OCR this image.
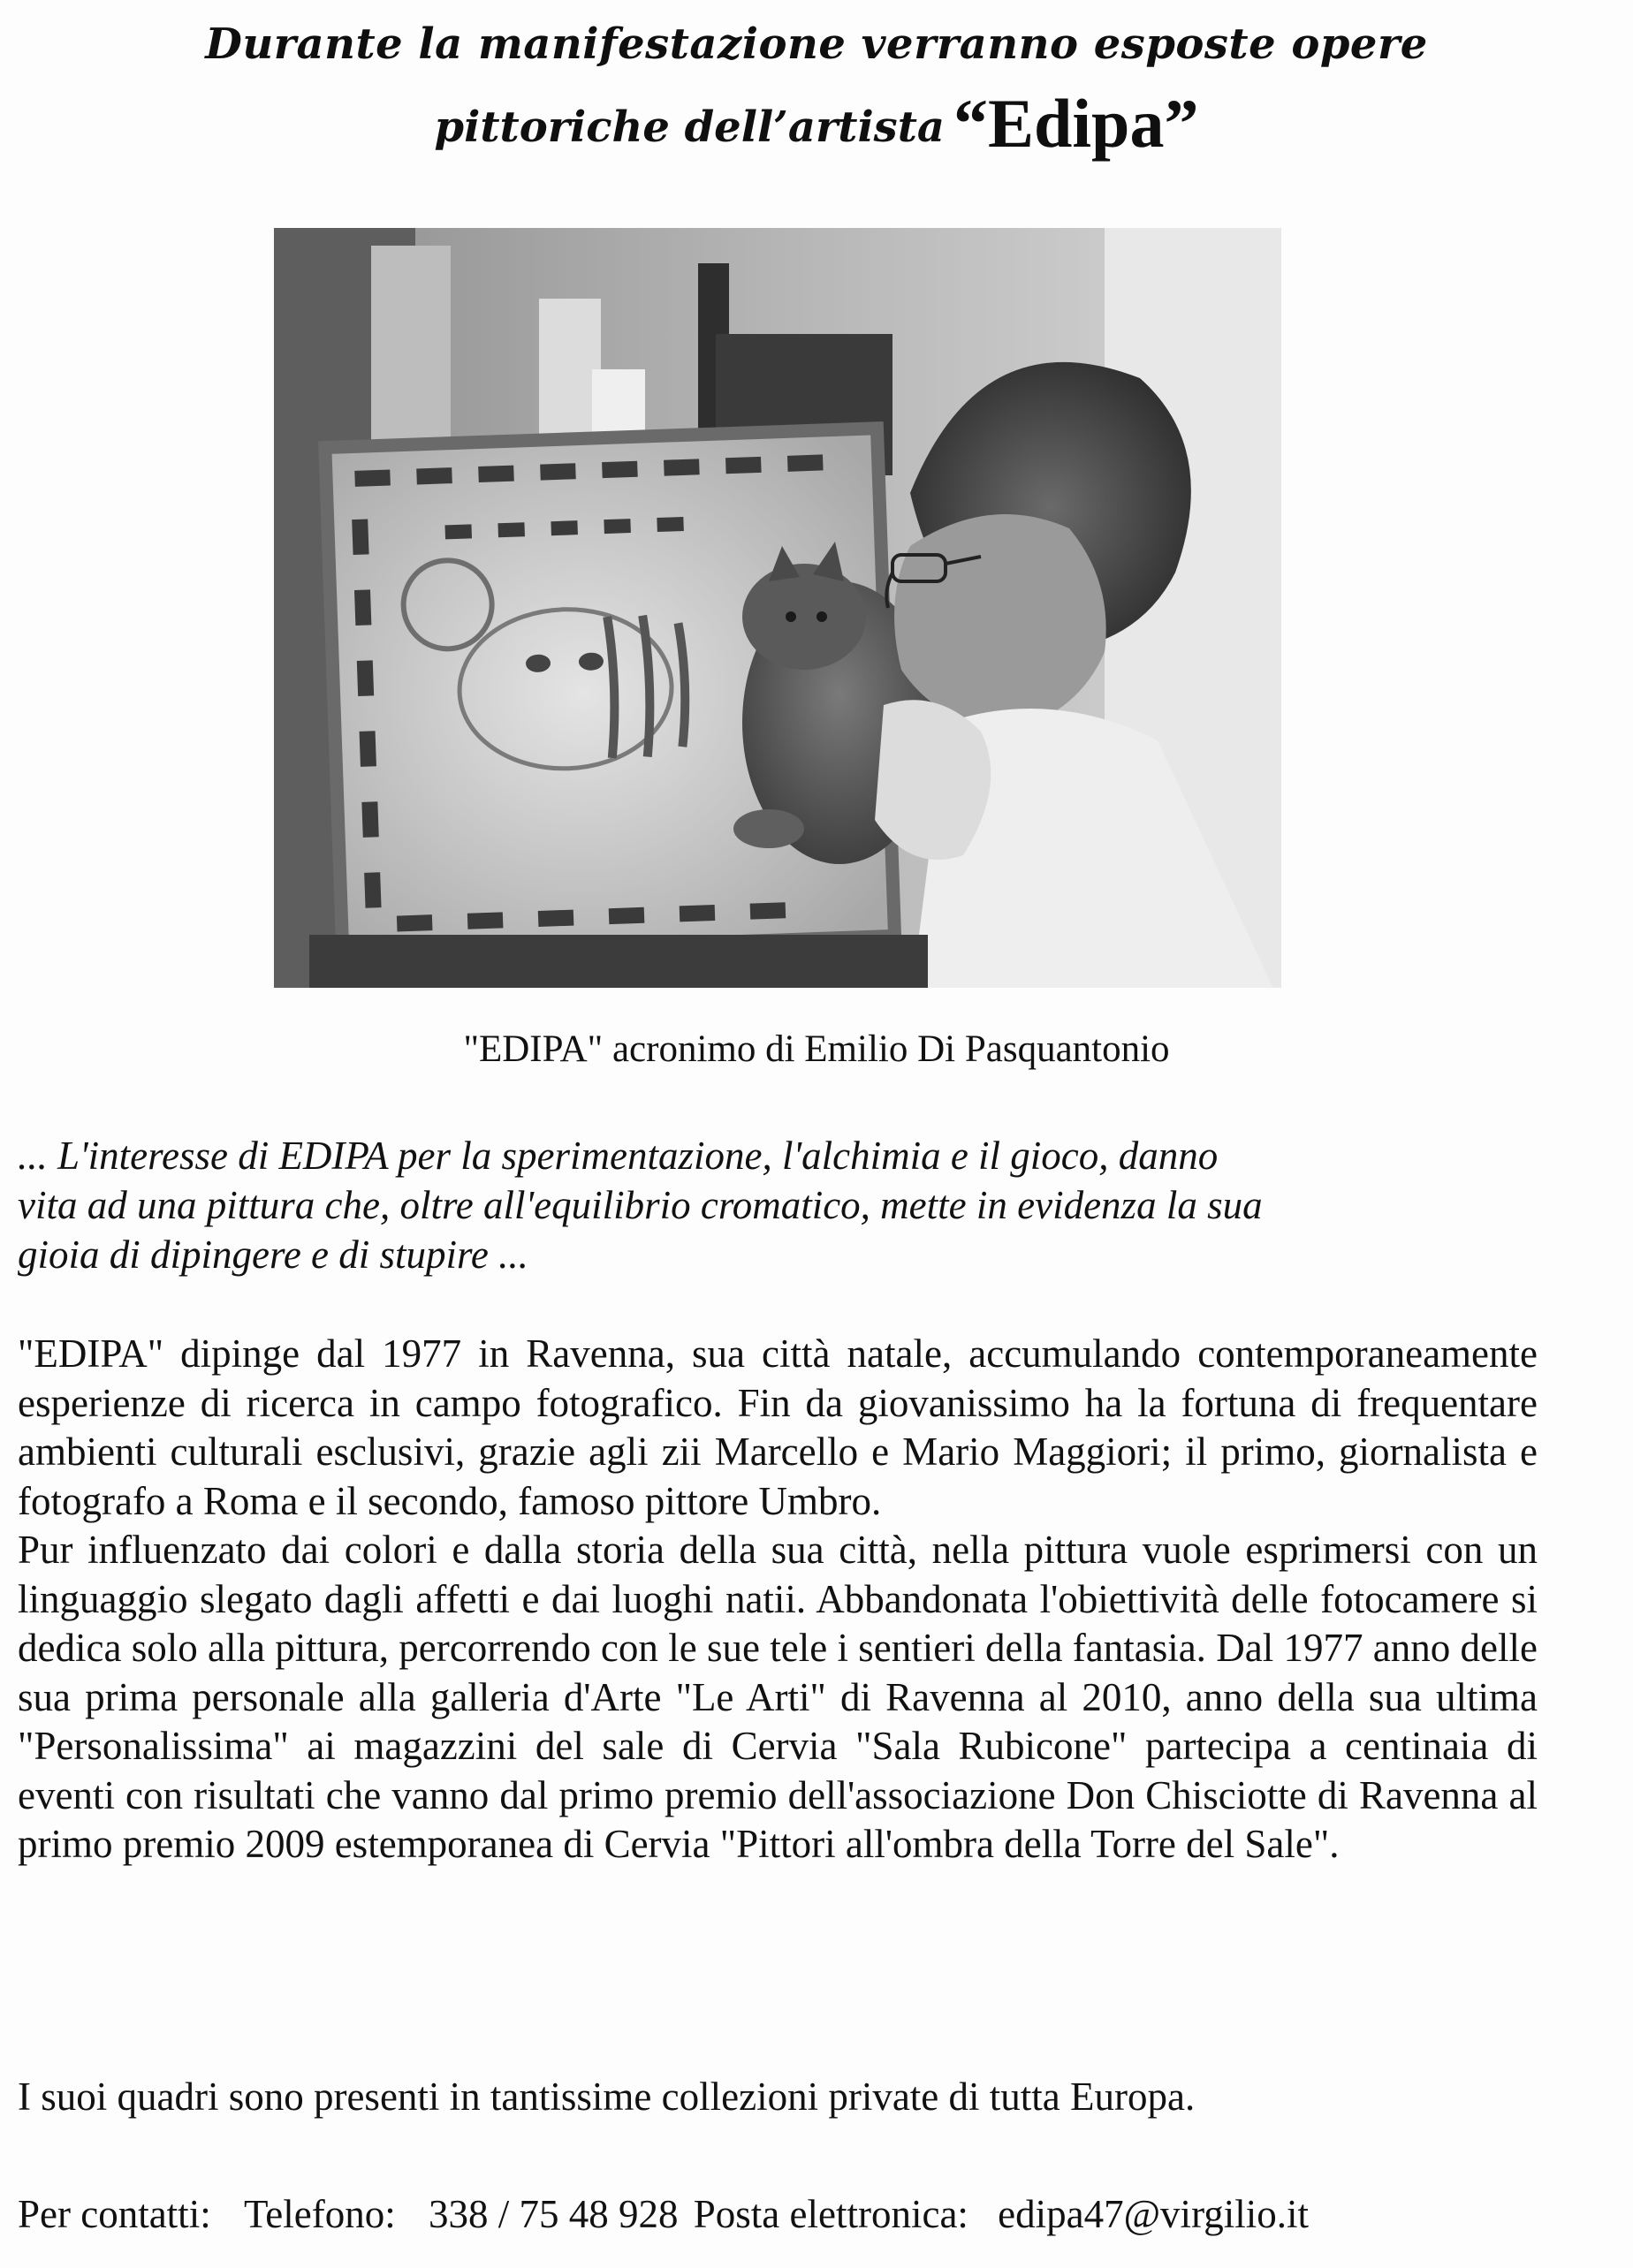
Durante la manifestazione verranno esposte opere
pittoriche dell’artista “Edipa”
"EDIPA" acronimo di Emilio Di Pasquantonio
... L'interesse di EDIPA per la sperimentazione, l'alchimia e il gioco, danno
vita ad una pittura che, oltre all'equilibrio cromatico, mette in evidenza la sua
gioia di dipingere e di stupire ...

"EDIPA" dipinge dal 1977 in Ravenna, sua città natale, accumulando contemporaneamente esperienze di ricerca in campo fotografico. Fin da giovanissimo ha la fortuna di frequentare ambienti culturali esclusivi, grazie agli zii Marcello e Mario Maggiori; il primo, giornalista e fotografo a Roma e il secondo, famoso pittore Umbro.

Pur influenzato dai colori e dalla storia della sua città, nella pittura vuole esprimersi con un linguaggio slegato dagli affetti e dai luoghi natii. Abbandonata l'obiettività delle fotocamere si dedica solo alla pittura, percorrendo con le sue tele i sentieri della fantasia. Dal 1977 anno delle sua prima personale alla galleria d'Arte "Le Arti" di Ravenna al 2010, anno della sua ultima "Personalissima" ai magazzini del sale di Cervia "Sala Rubicone" partecipa a centinaia di eventi con risultati che vanno dal primo premio dell'associazione Don Chisciotte di Ravenna al primo premio 2009 estemporanea di Cervia "Pittori all'ombra della Torre del Sale".

I suoi quadri sono presenti in tantissime collezioni private di tutta Europa.
Per contatti: Telefono: 338 / 75 48 928 Posta elettronica: edipa47@virgilio.it
